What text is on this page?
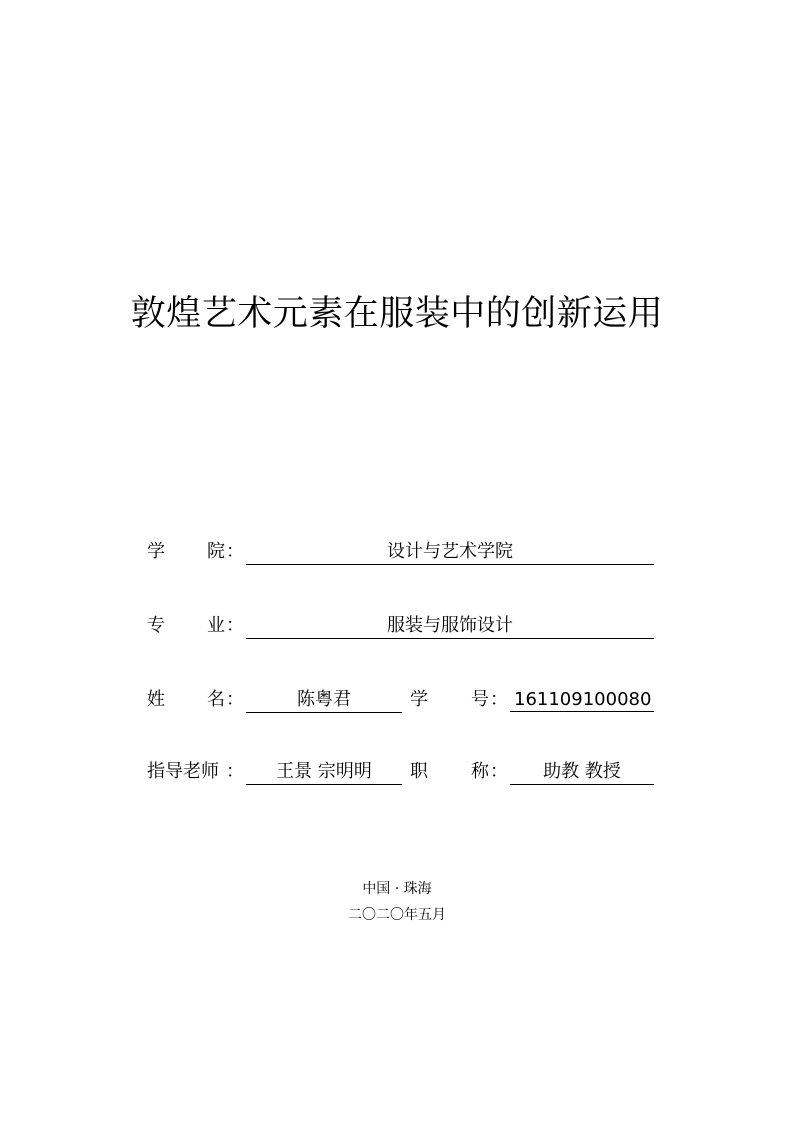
敦煌艺术元素在服装中的创新运用
学 院 ：	设计与艺术学院
专 业 ：	服装与服饰设计
姓 名 ：	陈粤君	学 号 ： 161109100080
指导老师 ：	王景 宗明明	职 称 ：	助教 教授
中国 · 珠海
二〇二〇年五月
